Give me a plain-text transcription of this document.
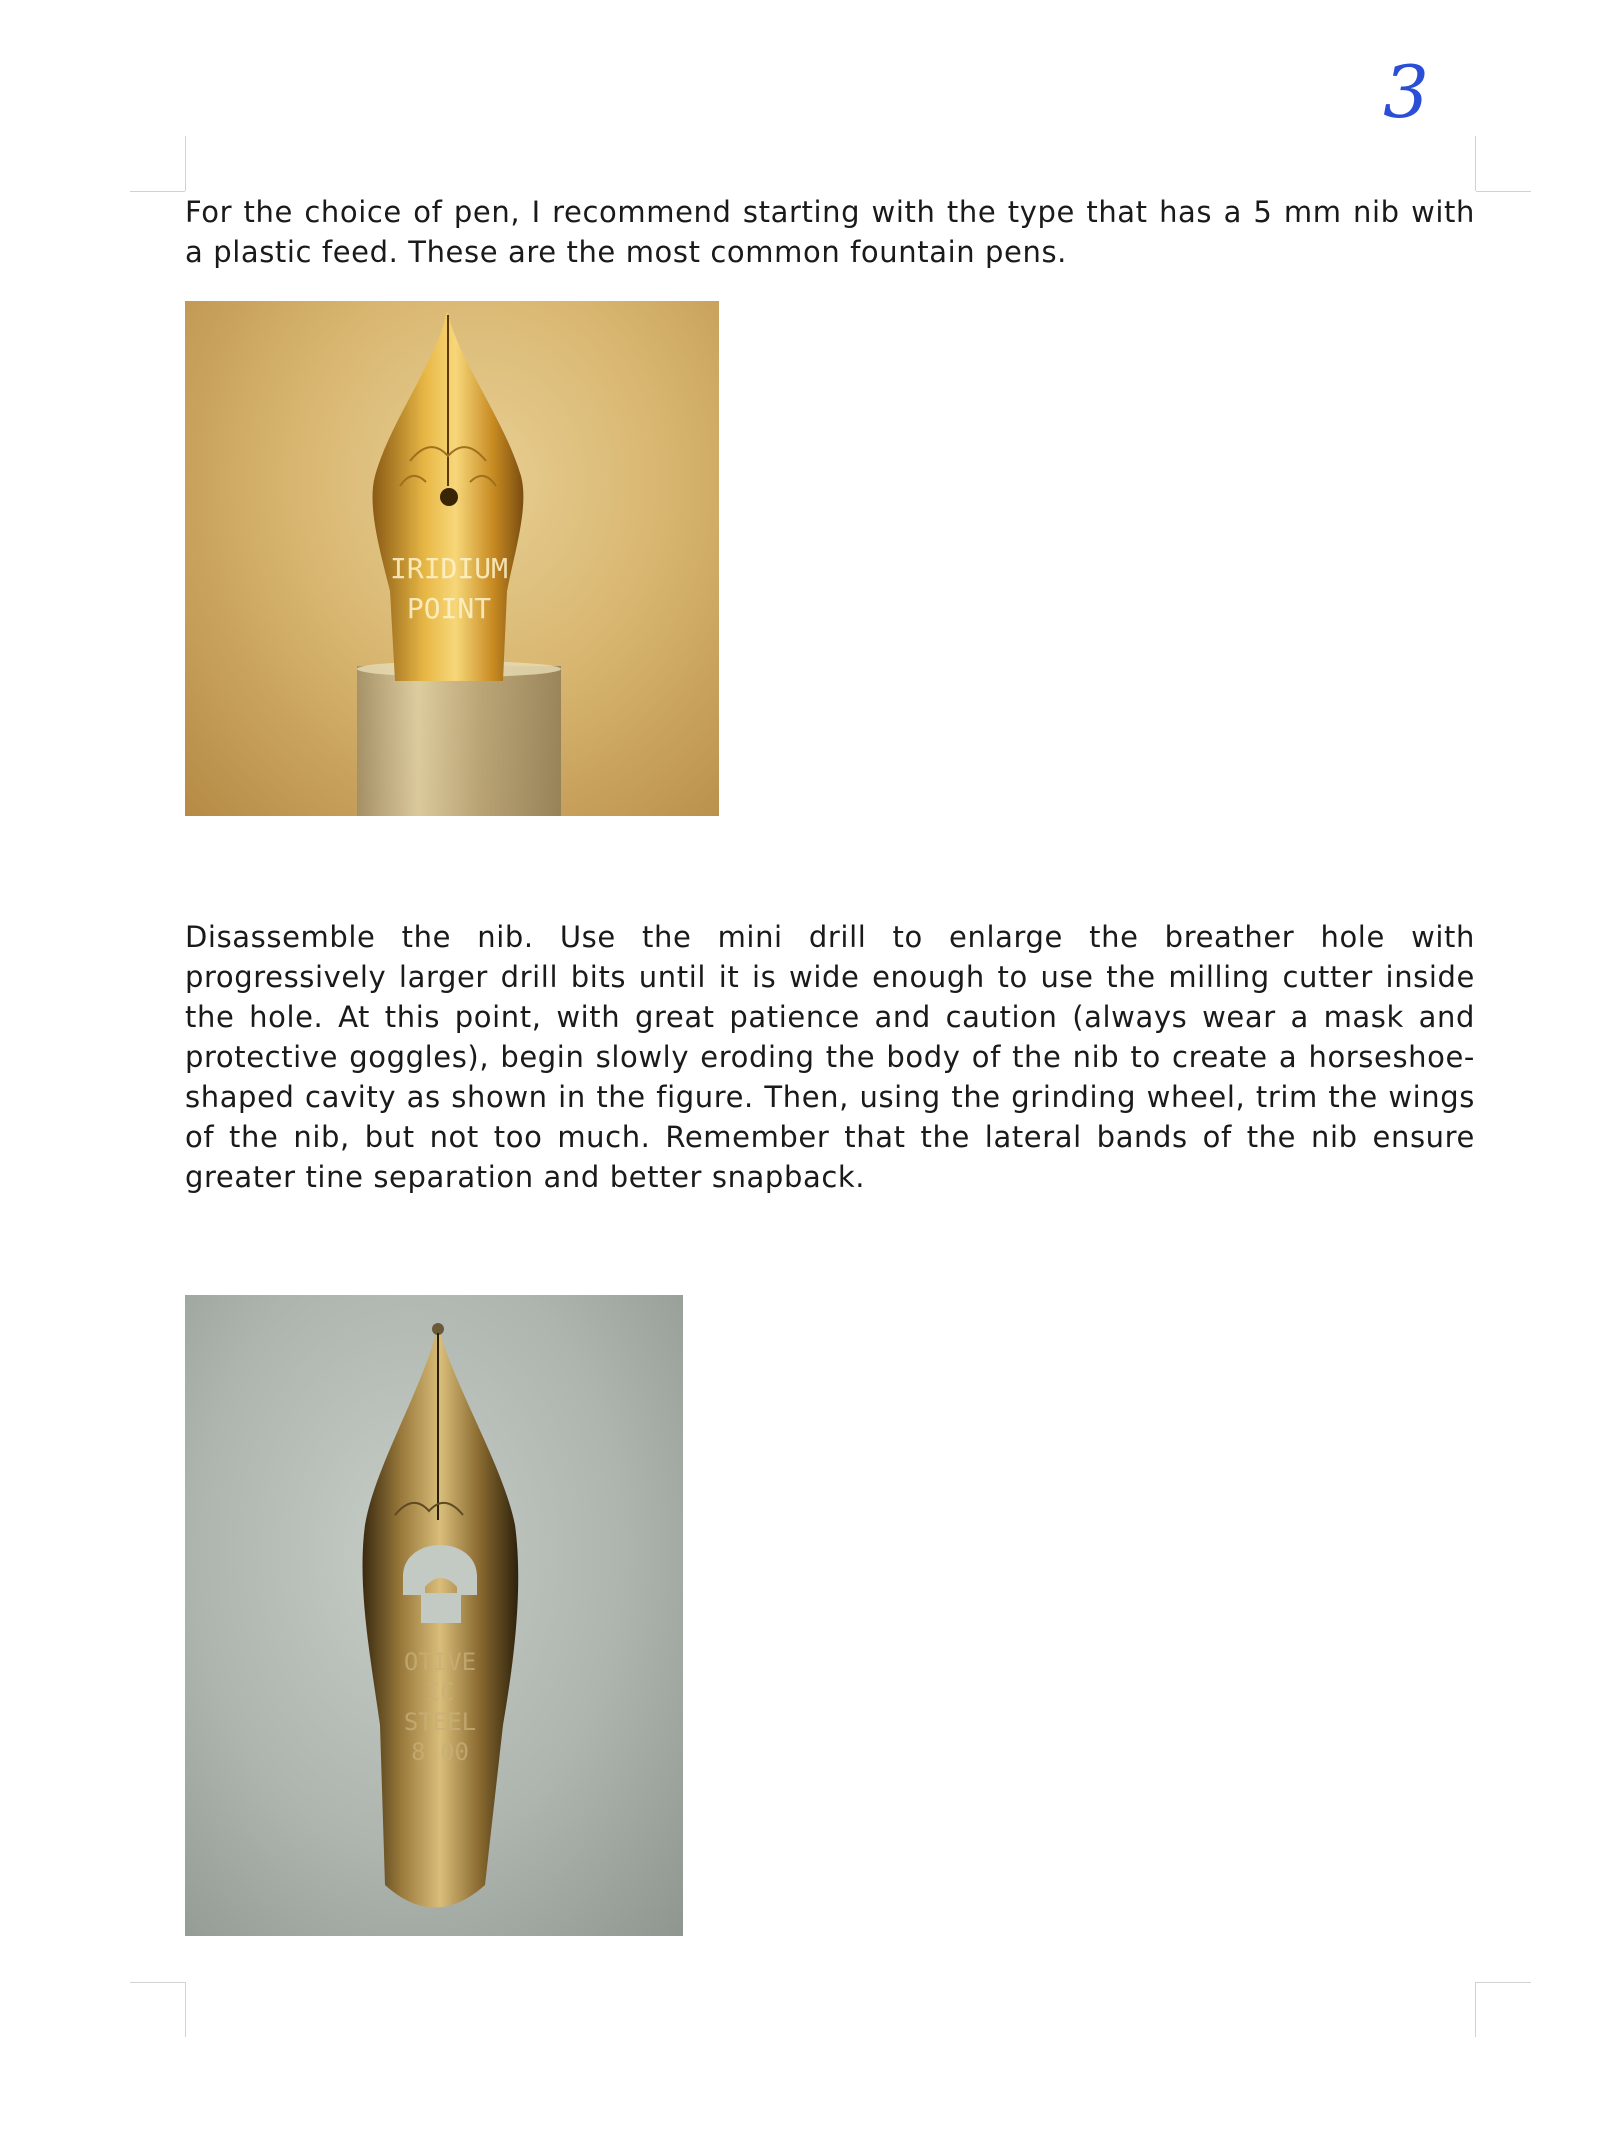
3

For the choice of pen, I recommend starting with the type that has a 5 mm nib with a plastic feed. These are the most common fountain pens.

IRIDIUM
POINT

Disassemble the nib. Use the mini drill to enlarge the breather hole with progressively larger drill bits until it is wide enough to use the milling cutter inside the hole. At this point, with great patience and caution (always wear a mask and protective goggles), begin slowly eroding the body of the nib to create a horseshoe-shaped cavity as shown in the figure. Then, using the grinding wheel, trim the wings of the nib, but not too much. Remember that the lateral bands of the nib ensure greater tine separation and better snapback.

OTIVE
IC
STEEL
8-00
